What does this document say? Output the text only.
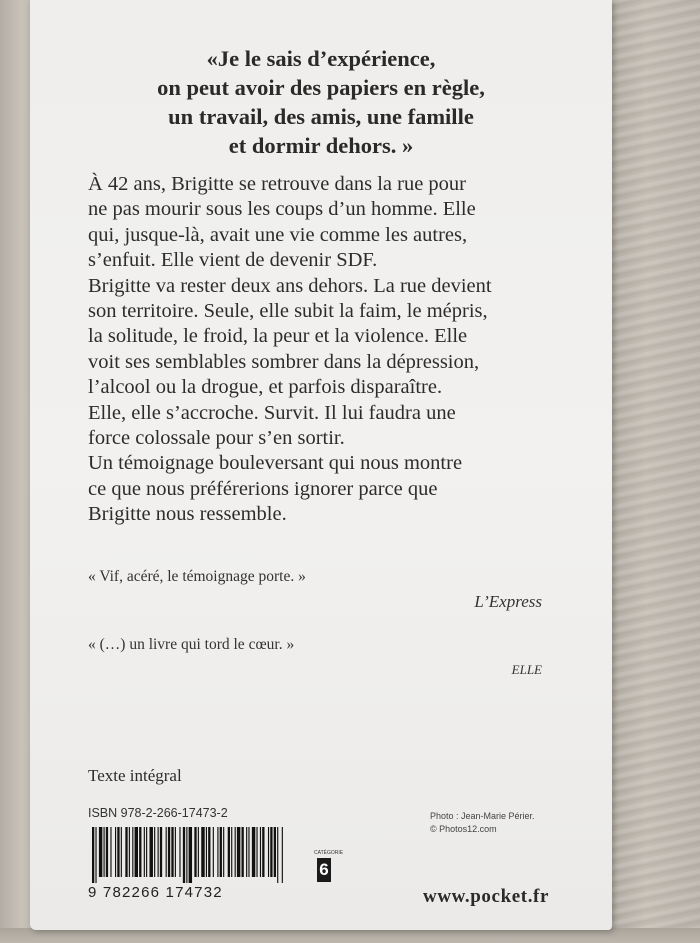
«Je le sais d’expérience,
on peut avoir des papiers en règle,
un travail, des amis, une famille
et dormir dehors. »

À 42 ans, Brigitte se retrouve dans la rue pour

ne pas mourir sous les coups d’un homme. Elle

qui, jusque-là, avait une vie comme les autres,

s’enfuit. Elle vient de devenir SDF.

Brigitte va rester deux ans dehors. La rue devient

son territoire. Seule, elle subit la faim, le mépris,

la solitude, le froid, la peur et la violence. Elle

voit ses semblables sombrer dans la dépression,

l’alcool ou la drogue, et parfois disparaître.

Elle, elle s’accroche. Survit. Il lui faudra une

force colossale pour s’en sortir.

Un témoignage bouleversant qui nous montre

ce que nous préférerions ignorer parce que

Brigitte nous ressemble.

« Vif, acéré, le témoignage porte. »
L’Express
« (…) un livre qui tord le cœur. »
ELLE
Texte intégral
ISBN 978-2-266-17473-2	Photo : Jean-Marie Périer.
© Photos12.com
9 782266 174732
CATÉGORIE
6
www.pocket.fr
